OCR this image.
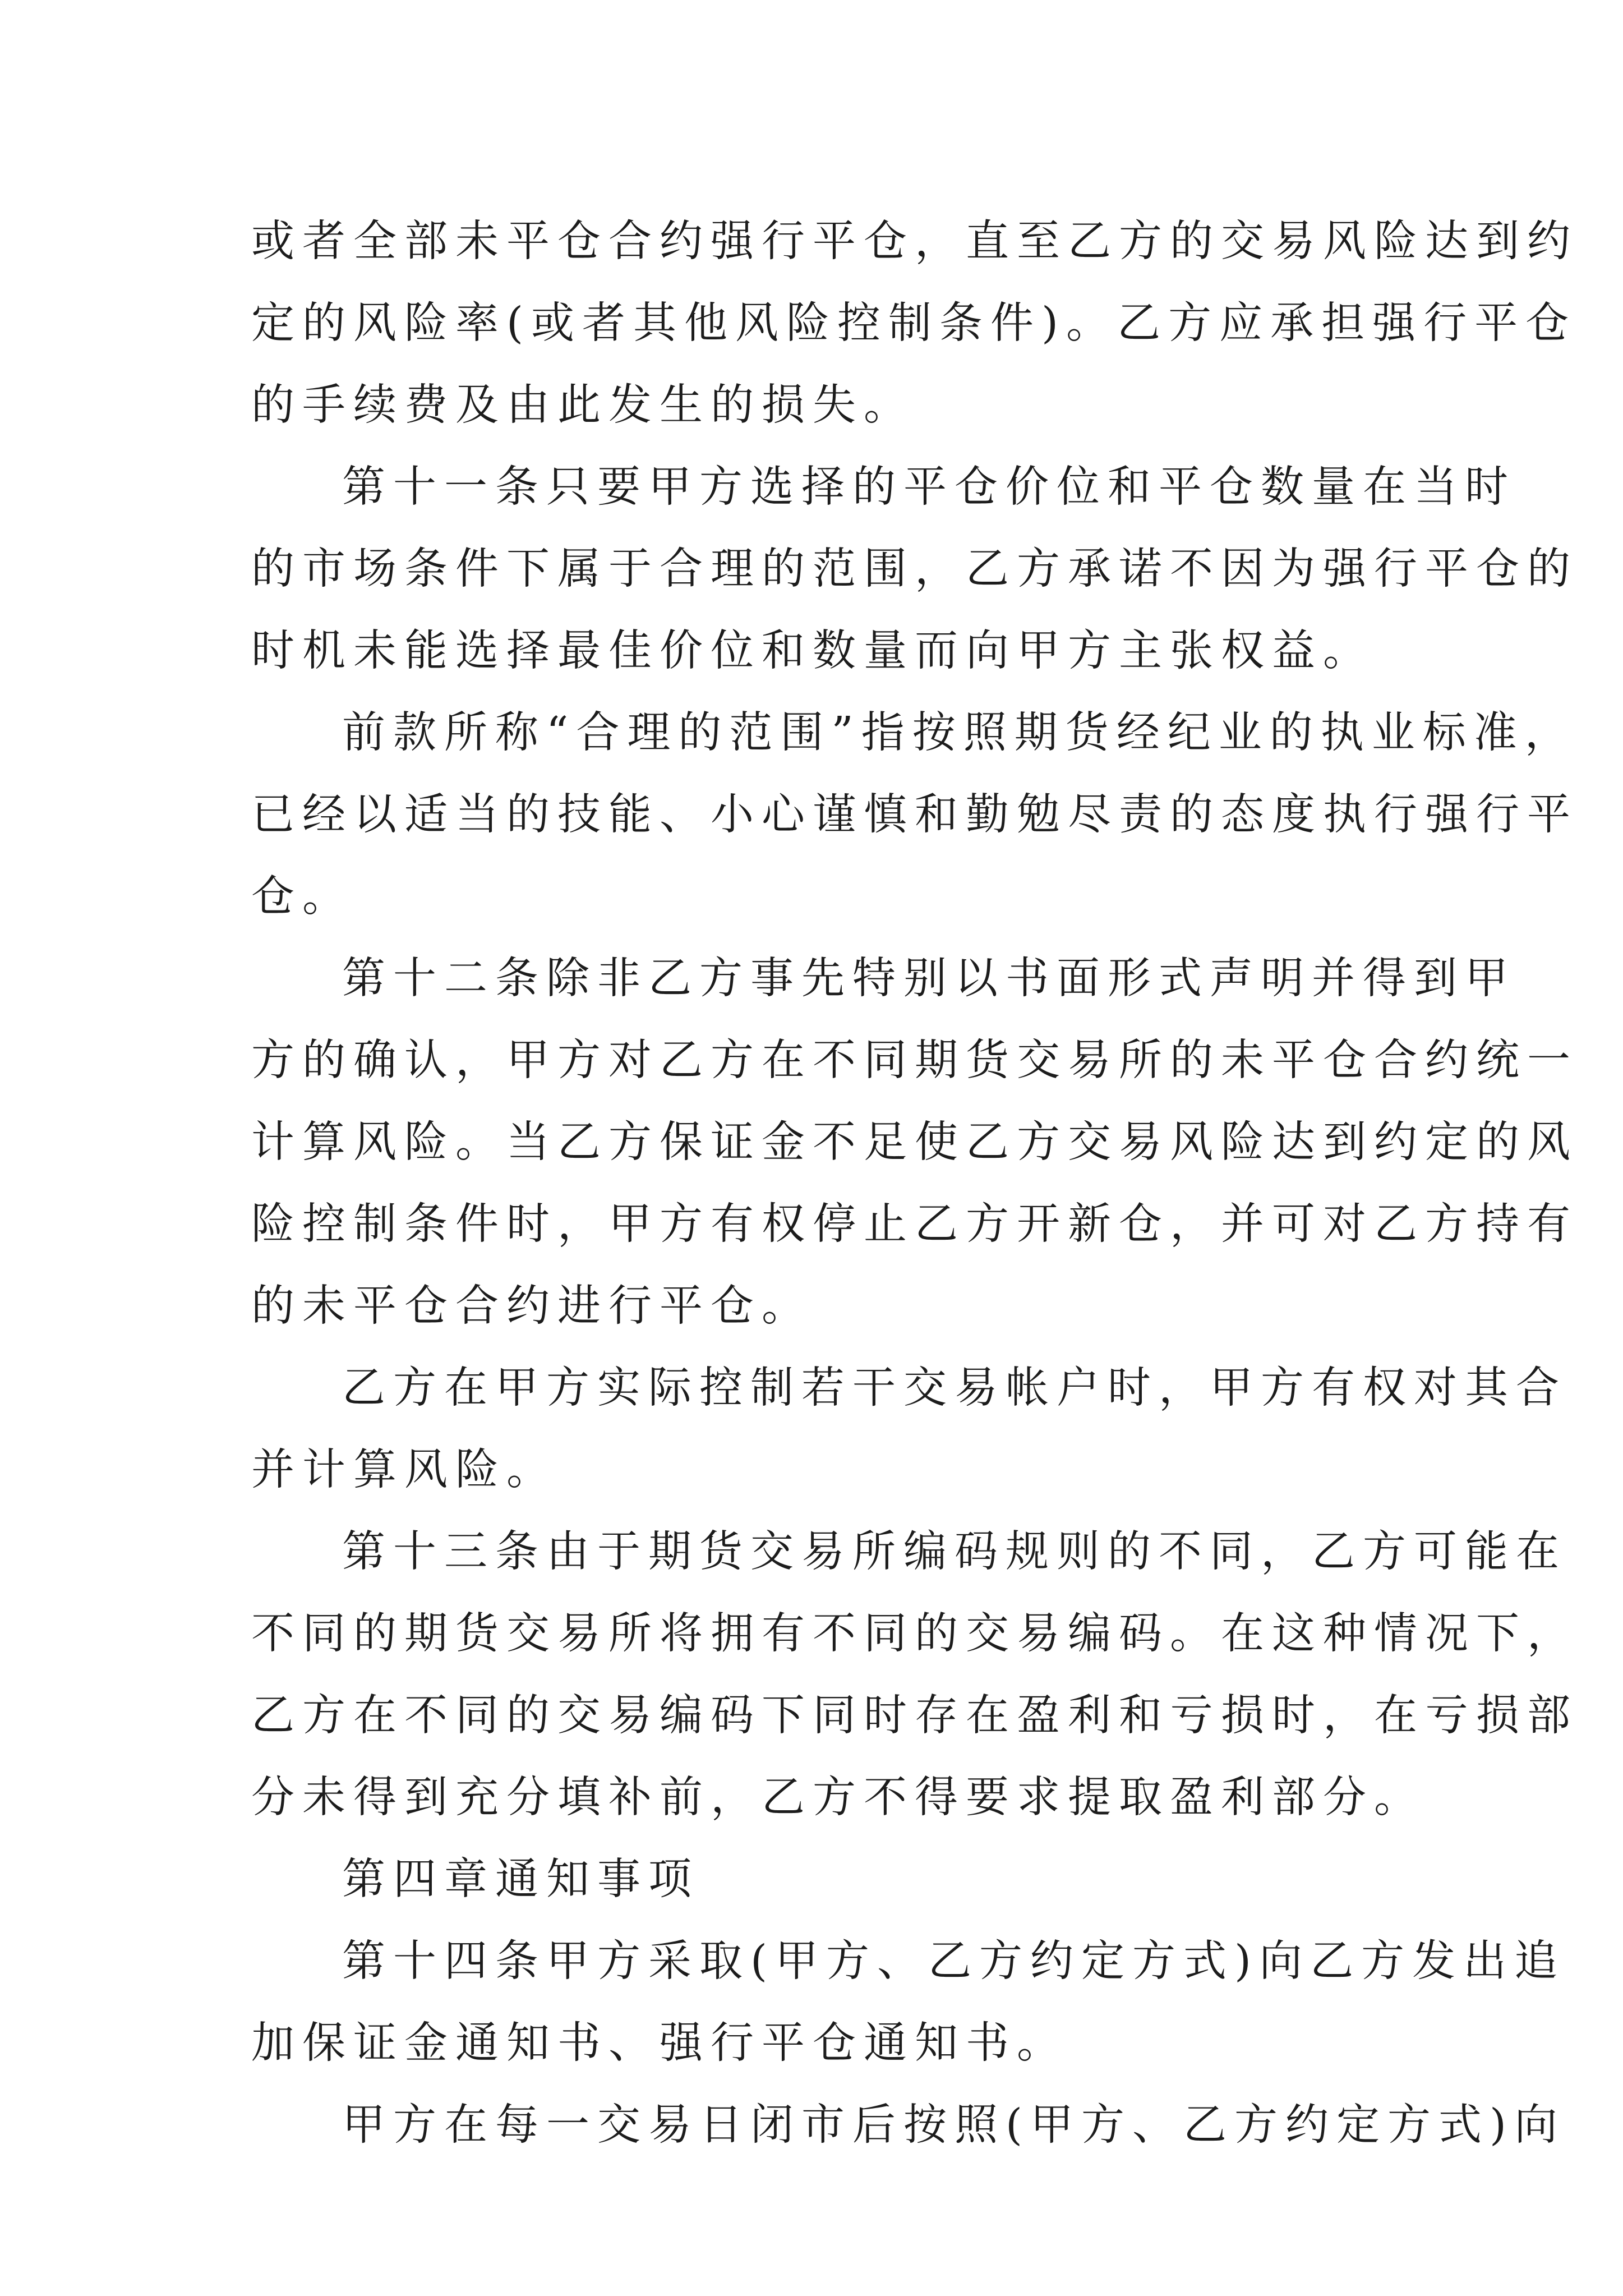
或者全部未平仓合约强行平仓，直至乙方的交易风险达到约
定的风险率(或者其他风险控制条件)。乙方应承担强行平仓
的手续费及由此发生的损失。
第十一条只要甲方选择的平仓价位和平仓数量在当时
的市场条件下属于合理的范围，乙方承诺不因为强行平仓的
时机未能选择最佳价位和数量而向甲方主张权益。
前款所称“合理的范围”指按照期货经纪业的执业标准，
已经以适当的技能、小心谨慎和勤勉尽责的态度执行强行平
仓。
第十二条除非乙方事先特别以书面形式声明并得到甲
方的确认，甲方对乙方在不同期货交易所的未平仓合约统一
计算风险。当乙方保证金不足使乙方交易风险达到约定的风
险控制条件时，甲方有权停止乙方开新仓，并可对乙方持有
的未平仓合约进行平仓。
乙方在甲方实际控制若干交易帐户时，甲方有权对其合
并计算风险。
第十三条由于期货交易所编码规则的不同，乙方可能在
不同的期货交易所将拥有不同的交易编码。在这种情况下，
乙方在不同的交易编码下同时存在盈利和亏损时，在亏损部
分未得到充分填补前，乙方不得要求提取盈利部分。
第四章通知事项
第十四条甲方采取(甲方、乙方约定方式)向乙方发出追
加保证金通知书、强行平仓通知书。
甲方在每一交易日闭市后按照(甲方、乙方约定方式)向
